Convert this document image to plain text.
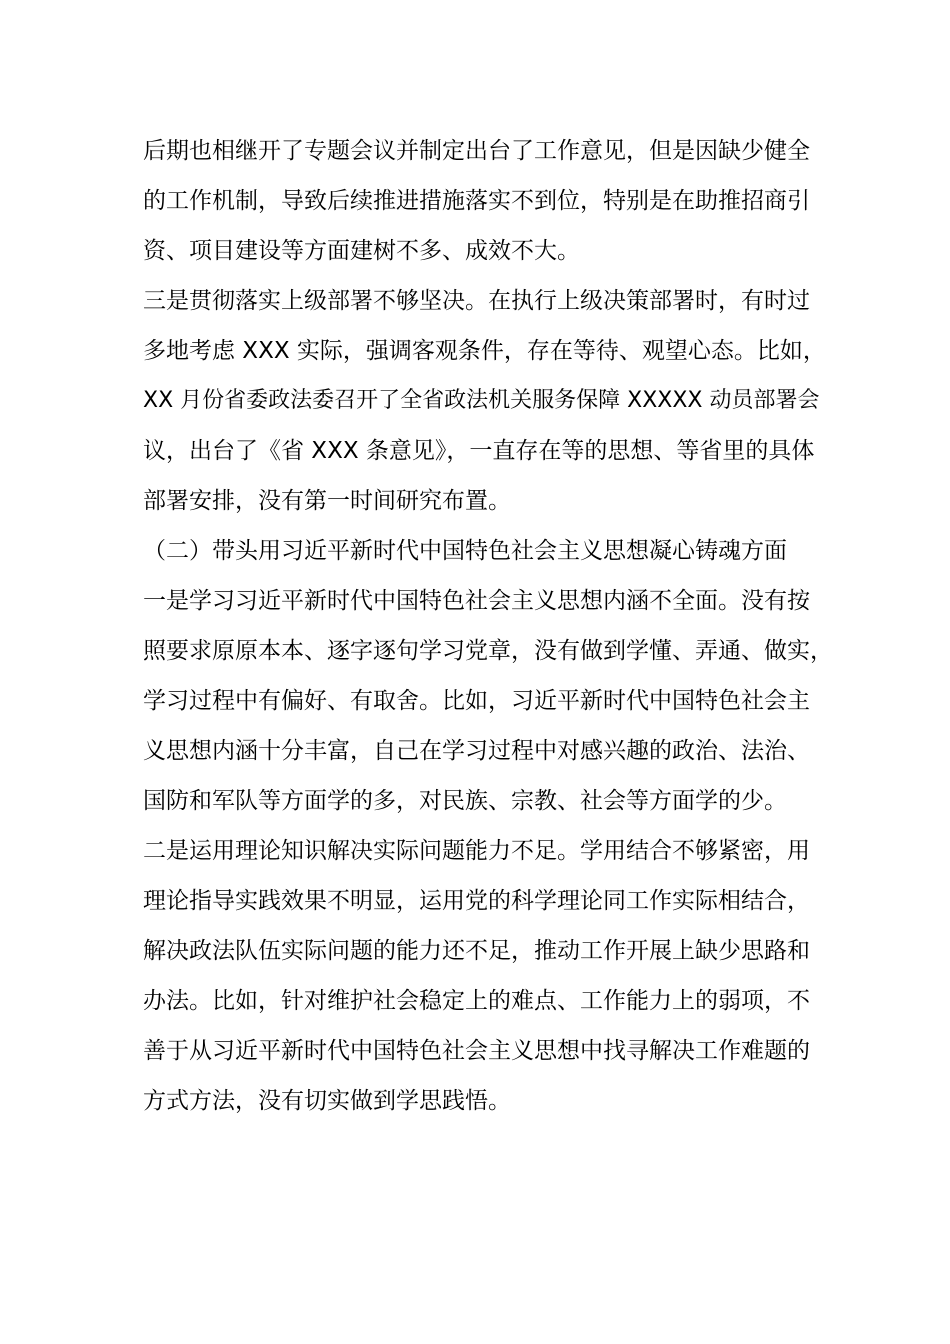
后期也相继开了专题会议并制定出台了工作意见，但是因缺少健全
的工作机制，导致后续推进措施落实不到位，特别是在助推招商引
资、项目建设等方面建树不多、成效不大。
三是贯彻落实上级部署不够坚决。在执行上级决策部署时，有时过
多地考虑 XXX 实际，强调客观条件，存在等待、观望心态。比如，
XX 月份省委政法委召开了全省政法机关服务保障 XXXXX 动员部署会
议，出台了《省 XXX 条意见》，一直存在等的思想、等省里的具体
部署安排，没有第一时间研究布置。
（二）带头用习近平新时代中国特色社会主义思想凝心铸魂方面
一是学习习近平新时代中国特色社会主义思想内涵不全面。没有按
照要求原原本本、逐字逐句学习党章，没有做到学懂、弄通、做实，
学习过程中有偏好、有取舍。比如，习近平新时代中国特色社会主
义思想内涵十分丰富，自己在学习过程中对感兴趣的政治、法治、
国防和军队等方面学的多，对民族、宗教、社会等方面学的少。
二是运用理论知识解决实际问题能力不足。学用结合不够紧密，用
理论指导实践效果不明显，运用党的科学理论同工作实际相结合，
解决政法队伍实际问题的能力还不足，推动工作开展上缺少思路和
办法。比如，针对维护社会稳定上的难点、工作能力上的弱项，不
善于从习近平新时代中国特色社会主义思想中找寻解决工作难题的
方式方法，没有切实做到学思践悟。
